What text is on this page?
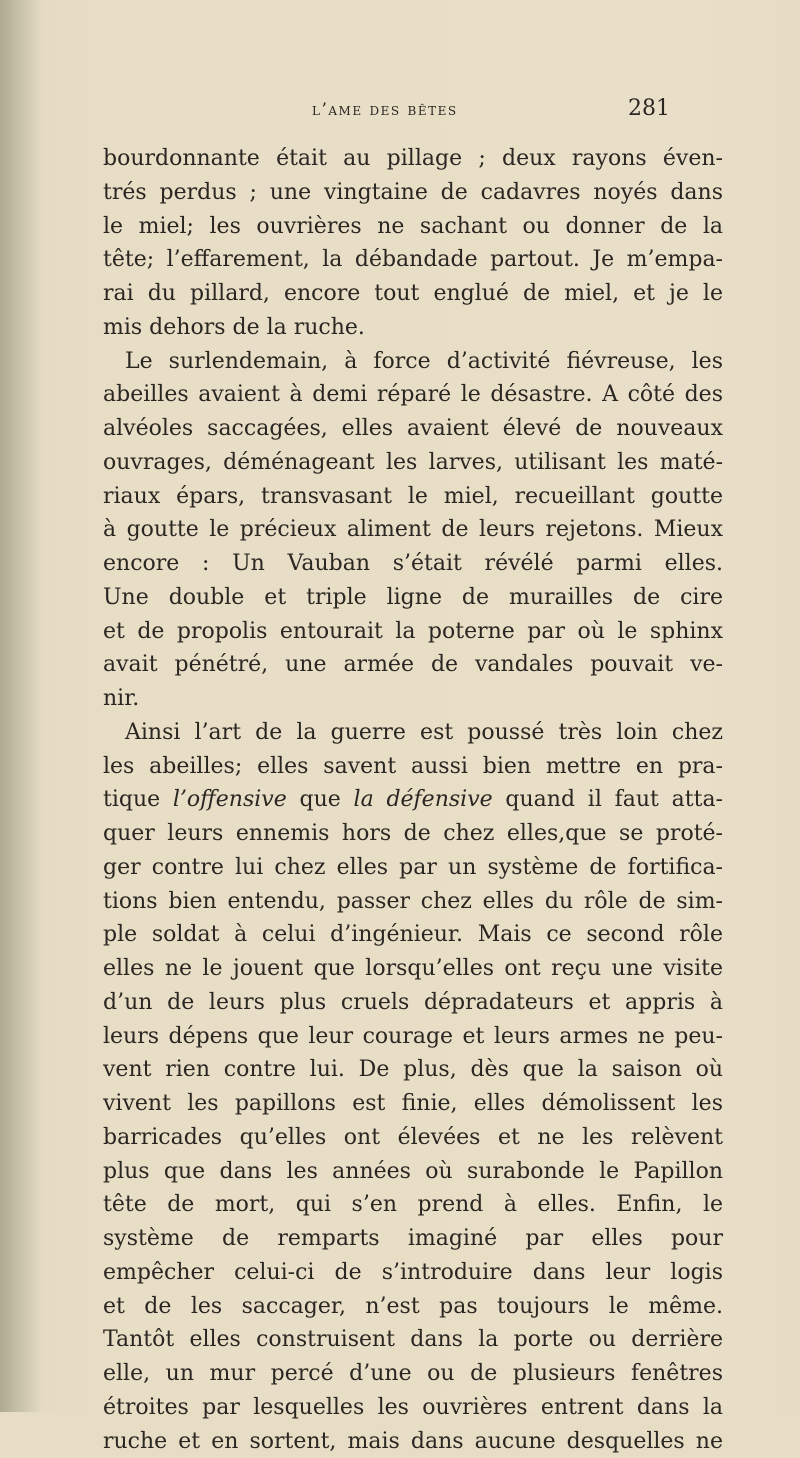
l’ame des bêtes	281
bourdonnante était au pillage ; deux rayons éven-
trés perdus ; une vingtaine de cadavres noyés dans
le miel; les ouvrières ne sachant ou donner de la
tête; l’effarement, la débandade partout. Je m’empa-
rai du pillard, encore tout englué de miel, et je le
mis dehors de la ruche.
Le surlendemain, à force d’activité fiévreuse, les
abeilles avaient à demi réparé le désastre. A côté des
alvéoles saccagées, elles avaient élevé de nouveaux
ouvrages, déménageant les larves, utilisant les maté-
riaux épars, transvasant le miel, recueillant goutte
à goutte le précieux aliment de leurs rejetons. Mieux
encore : Un Vauban s’était révélé parmi elles.
Une double et triple ligne de murailles de cire
et de propolis entourait la poterne par où le sphinx
avait pénétré, une armée de vandales pouvait ve-
nir.
Ainsi l’art de la guerre est poussé très loin chez
les abeilles; elles savent aussi bien mettre en pra-
tique l’offensive que la défensive quand il faut atta-
quer leurs ennemis hors de chez elles,que se proté-
ger contre lui chez elles par un système de fortifica-
tions bien entendu, passer chez elles du rôle de sim-
ple soldat à celui d’ingénieur. Mais ce second rôle
elles ne le jouent que lorsqu’elles ont reçu une visite
d’un de leurs plus cruels dépradateurs et appris à
leurs dépens que leur courage et leurs armes ne peu-
vent rien contre lui. De plus, dès que la saison où
vivent les papillons est finie, elles démolissent les
barricades qu’elles ont élevées et ne les relèvent
plus que dans les années où surabonde le Papillon
tête de mort, qui s’en prend à elles. Enfin, le
système de remparts imaginé par elles pour
empêcher celui-ci de s’introduire dans leur logis
et de les saccager, n’est pas toujours le même.
Tantôt elles construisent dans la porte ou derrière
elle, un mur percé d’une ou de plusieurs fenêtres
étroites par lesquelles les ouvrières entrent dans la
ruche et en sortent, mais dans aucune desquelles ne
